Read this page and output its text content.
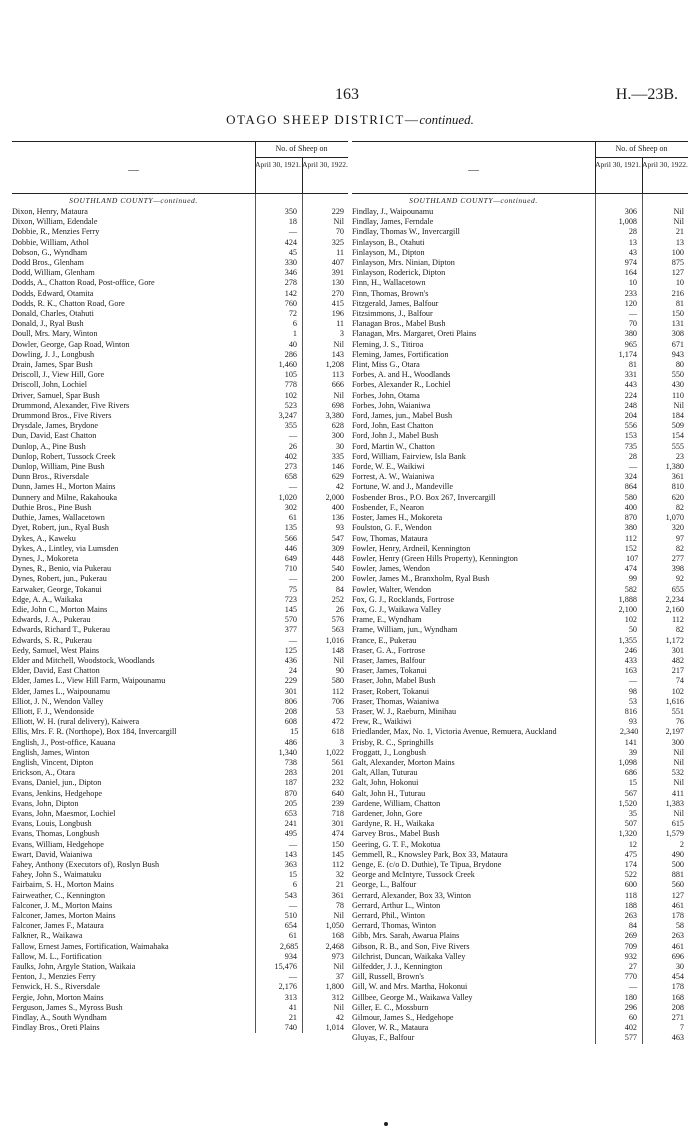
163	H.—23B.
OTAGO SHEEP DISTRICT—continued.
—
No. of Sheep on
April 30, 1921. April 30, 1922.
SOUTHLAND COUNTY—continued.
Dixon, Henry, Mataura	350	229
Dixon, William, Edendale	18	Nil
Dobbie, R., Menzies Ferry	—	70
Dobbie, William, Athol	424	325
Dobson, G., Wyndham	45	11
Dodd Bros., Glenham	330	407
Dodd, William, Glenham	346	391
Dodds, A., Chatton Road, Post-office, Gore	278	130
Dodds, Edward, Otamita	142	270
Dodds, R. K., Chatton Road, Gore	760	415
Donald, Charles, Otahuti	72	196
Donald, J., Ryal Bush	6	11
Doull, Mrs. Mary, Winton	1	3
Dowler, George, Gap Road, Winton	40	Nil
Dowling, J. J., Longbush	286	143
Drain, James, Spar Bush	1,460	1,208
Driscoll, J., View Hill, Gore	105	113
Driscoll, John, Lochiel	778	666
Driver, Samuel, Spar Bush	102	Nil
Drummond, Alexander, Five Rivers	523	698
Drummond Bros., Five Rivers	3,247	3,380
Drysdale, James, Brydone	355	628
Dun, David, East Chatton	—	300
Dunlop, A., Pine Bush	26	30
Dunlop, Robert, Tussock Creek	402	335
Dunlop, William, Pine Bush	273	146
Dunn Bros., Riversdale	658	629
Dunn, James H., Morton Mains	—	42
Dunnery and Milne, Rakahouka	1,020	2,000
Duthie Bros., Pine Bush	302	400
Duthie, James, Wallacetown	61	136
Dyet, Robert, jun., Ryal Bush	135	93
Dykes, A., Kaweku	566	547
Dykes, A., Lintley, via Lumsden	446	309
Dynes, J., Mokoreta	649	448
Dynes, R., Benio, via Pukerau	710	540
Dynes, Robert, jun., Pukerau	—	200
Earwaker, George, Tokanui	75	84
Edge, A. A., Waikaka	723	252
Edie, John C., Morton Mains	145	26
Edwards, J. A., Pukerau	570	576
Edwards, Richard T., Pukerau	377	563
Edwards, S. R., Pukerau	—	1,016
Eedy, Samuel, West Plains	125	148
Elder and Mitchell, Woodstock, Woodlands	436	Nil
Elder, David, East Chatton	24	90
Elder, James L., View Hill Farm, Waipounamu	229	580
Elder, James L., Waipounamu	301	112
Elliot, J. N., Wendon Valley	806	706
Elliott, F. J., Wendonside	208	53
Elliott, W. H. (rural delivery), Kaiwera	608	472
Ellis, Mrs. F. R. (Northope), Box 184, Invercargill	15	618
English, J., Post-office, Kauana	486	3
English, James, Winton	1,340	1,022
English, Vincent, Dipton	738	561
Erickson, A., Otara	283	201
Evans, Daniel, jun., Dipton	187	232
Evans, Jenkins, Hedgehope	870	640
Evans, John, Dipton	205	239
Evans, John, Maesmor, Lochiel	653	718
Evans, Louis, Longbush	241	301
Evans, Thomas, Longbush	495	474
Evans, William, Hedgehope	—	150
Ewart, David, Waianiwa	143	145
Fahey, Anthony (Executors of), Roslyn Bush	363	112
Fahey, John S., Waimatuku	15	32
Fairbairn, S. H., Morton Mains	6	21
Fairweather, C., Kennington	543	361
Falconer, J. M., Morton Mains	—	78
Falconer, James, Morton Mains	510	Nil
Falconer, James F., Mataura	654	1,050
Falkner, R., Waikawa	61	168
Fallow, Ernest James, Fortification, Waimahaka	2,685	2,468
Fallow, M. L., Fortification	934	973
Faulks, John, Argyle Station, Waikaia	15,476	Nil
Fenton, J., Menzies Ferry	—	37
Fenwick, H. S., Riversdale	2,176	1,800
Fergie, John, Morton Mains	313	312
Ferguson, James S., Myross Bush	41	Nil
Findlay, A., South Wyndham	21	42
Findlay Bros., Oreti Plains	740	1,014
—
No. of Sheep on
April 30, 1921. April 30, 1922.
SOUTHLAND COUNTY—continued.
Findlay, J., Waipounamu	306	Nil
Findlay, James, Ferndale	1,008	Nil
Findlay, Thomas W., Invercargill	28	21
Finlayson, B., Otahuti	13	13
Finlayson, M., Dipton	43	100
Finlayson, Mrs. Ninian, Dipton	974	875
Finlayson, Roderick, Dipton	164	127
Finn, H., Wallacetown	10	10
Finn, Thomas, Brown's	233	216
Fitzgerald, James, Balfour	120	81
Fitzsimmons, J., Balfour	—	150
Flanagan Bros., Mabel Bush	70	131
Flanagan, Mrs. Margaret, Oreti Plains	380	308
Fleming, J. S., Titiroa	965	671
Fleming, James, Fortification	1,174	943
Flint, Miss G., Otara	81	80
Forbes, A. and H., Woodlands	331	550
Forbes, Alexander R., Lochiel	443	430
Forbes, John, Otama	224	110
Forbes, John, Waianiwa	248	Nil
Ford, James, jun., Mabel Bush	204	184
Ford, John, East Chatton	556	509
Ford, John J., Mabel Bush	153	154
Ford, Martin W., Chatton	735	555
Ford, William, Fairview, Isla Bank	28	23
Forde, W. E., Waikiwi	—	1,380
Forrest, A. W., Waianiwa	324	361
Fortune, W. and J., Mandeville	864	810
Fosbender Bros., P.O. Box 267, Invercargill	580	620
Fosbender, F., Nearon	400	82
Foster, James H., Mokoreta	870	1,070
Foulston, G. F., Wendon	380	320
Fow, Thomas, Mataura	112	97
Fowler, Henry, Ardneil, Kennington	152	82
Fowler, Henry (Green Hills Property), Kennington	107	277
Fowler, James, Wendon	474	398
Fowler, James M., Branxholm, Ryal Bush	99	92
Fowler, Walter, Wendon	582	655
Fox, G. J., Rocklands, Fortrose	1,888	2,234
Fox, G. J., Waikawa Valley	2,100	2,160
Frame, E., Wyndham	102	112
Frame, William, jun., Wyndham	50	82
France, E., Pukerau	1,355	1,172
Fraser, G. A., Fortrose	246	301
Fraser, James, Balfour	433	482
Fraser, James, Tokanui	163	217
Fraser, John, Mabel Bush	—	74
Fraser, Robert, Tokanui	98	102
Fraser, Thomas, Waianiwa	53	1,616
Fraser, W. J., Raeburn, Minihau	816	551
Frew, R., Waikiwi	93	76
Friedlander, Max, No. 1, Victoria Avenue, Remuera, Auckland	2,340	2,197
Frisby, R. C., Springhills	141	300
Froggatt, J., Longbush	39	Nil
Galt, Alexander, Morton Mains	1,098	Nil
Galt, Allan, Tuturau	686	532
Galt, John, Hokonui	15	Nil
Galt, John H., Tuturau	567	411
Gardene, William, Chatton	1,520	1,383
Gardener, John, Gore	35	Nil
Gardyne, R. H., Waikaka	507	615
Garvey Bros., Mabel Bush	1,320	1,579
Geering, G. T. F., Mokotua	12	2
Gemmell, R., Knowsley Park, Box 33, Mataura	475	490
Genge, E. (c/o D. Duthie), Te Tipua, Brydone	174	500
George and McIntyre, Tussock Creek	522	881
George, L., Balfour	600	560
Gerrard, Alexander, Box 33, Winton	118	127
Gerrard, Arthur L., Winton	188	461
Gerrard, Phil., Winton	263	178
Gerrard, Thomas, Winton	84	58
Gibb, Mrs. Sarah, Awarua Plains	269	263
Gibson, R. B., and Son, Five Rivers	709	461
Gilchrist, Duncan, Waikaka Valley	932	696
Gilfedder, J. J., Kennington	27	30
Gill, Russell, Brown's	770	454
Gill, W. and Mrs. Martha, Hokonui	—	178
Gillbee, George M., Waikawa Valley	180	168
Giller, E. C., Mossburn	296	208
Gilmour, James S., Hedgehope	60	271
Glover, W. R., Mataura	402	7
Gluyas, F., Balfour	577	463
